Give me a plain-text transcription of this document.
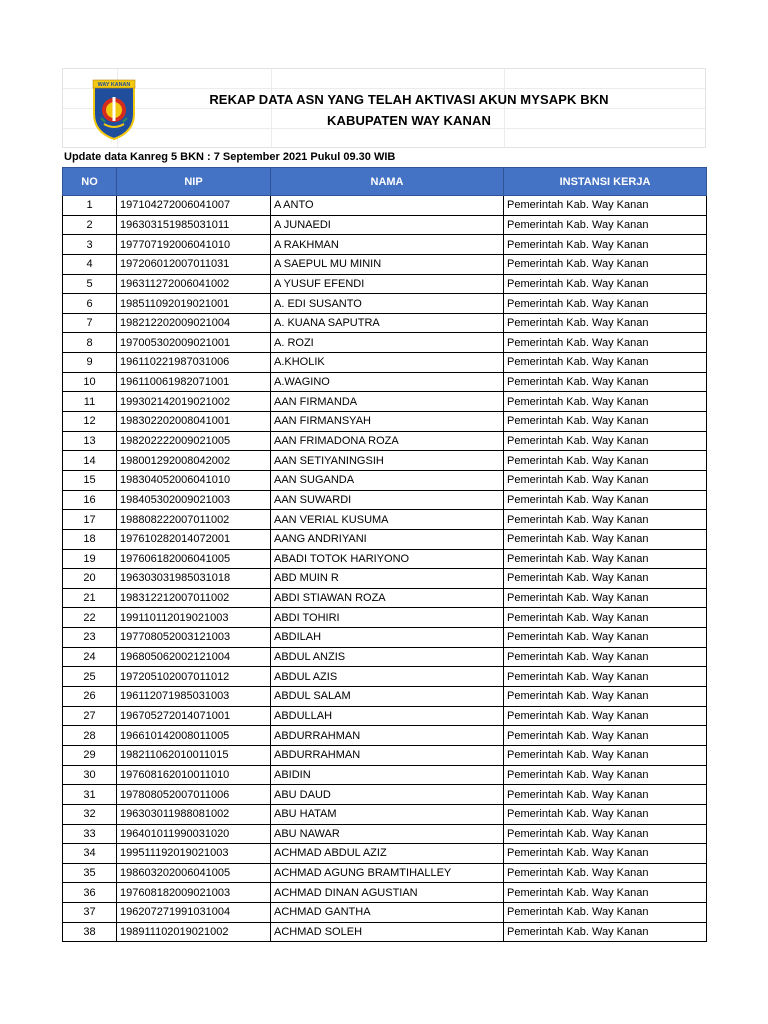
WAY KANAN
REKAP DATA ASN YANG TELAH AKTIVASI AKUN MYSAPK BKN
KABUPATEN WAY KANAN
Update data Kanreg 5 BKN : 7 September 2021 Pukul 09.30 WIB
NO	NIP	NAMA	INSTANSI KERJA
1	197104272006041007	A ANTO	Pemerintah Kab. Way Kanan
2	196303151985031011	A JUNAEDI	Pemerintah Kab. Way Kanan
3	197707192006041010	A RAKHMAN	Pemerintah Kab. Way Kanan
4	197206012007011031	A SAEPUL MU MININ	Pemerintah Kab. Way Kanan
5	196311272006041002	A YUSUF EFENDI	Pemerintah Kab. Way Kanan
6	198511092019021001	A. EDI SUSANTO	Pemerintah Kab. Way Kanan
7	198212202009021004	A. KUANA SAPUTRA	Pemerintah Kab. Way Kanan
8	197005302009021001	A. ROZI	Pemerintah Kab. Way Kanan
9	196110221987031006	A.KHOLIK	Pemerintah Kab. Way Kanan
10	196110061982071001	A.WAGINO	Pemerintah Kab. Way Kanan
11	199302142019021002	AAN FIRMANDA	Pemerintah Kab. Way Kanan
12	198302202008041001	AAN FIRMANSYAH	Pemerintah Kab. Way Kanan
13	198202222009021005	AAN FRIMADONA ROZA	Pemerintah Kab. Way Kanan
14	198001292008042002	AAN SETIYANINGSIH	Pemerintah Kab. Way Kanan
15	198304052006041010	AAN SUGANDA	Pemerintah Kab. Way Kanan
16	198405302009021003	AAN SUWARDI	Pemerintah Kab. Way Kanan
17	198808222007011002	AAN VERIAL KUSUMA	Pemerintah Kab. Way Kanan
18	197610282014072001	AANG ANDRIYANI	Pemerintah Kab. Way Kanan
19	197606182006041005	ABADI TOTOK HARIYONO	Pemerintah Kab. Way Kanan
20	196303031985031018	ABD MUIN R	Pemerintah Kab. Way Kanan
21	198312212007011002	ABDI STIAWAN ROZA	Pemerintah Kab. Way Kanan
22	199110112019021003	ABDI TOHIRI	Pemerintah Kab. Way Kanan
23	197708052003121003	ABDILAH	Pemerintah Kab. Way Kanan
24	196805062002121004	ABDUL ANZIS	Pemerintah Kab. Way Kanan
25	197205102007011012	ABDUL AZIS	Pemerintah Kab. Way Kanan
26	196112071985031003	ABDUL SALAM	Pemerintah Kab. Way Kanan
27	196705272014071001	ABDULLAH	Pemerintah Kab. Way Kanan
28	196610142008011005	ABDURRAHMAN	Pemerintah Kab. Way Kanan
29	198211062010011015	ABDURRAHMAN	Pemerintah Kab. Way Kanan
30	197608162010011010	ABIDIN	Pemerintah Kab. Way Kanan
31	197808052007011006	ABU DAUD	Pemerintah Kab. Way Kanan
32	196303011988081002	ABU HATAM	Pemerintah Kab. Way Kanan
33	196401011990031020	ABU NAWAR	Pemerintah Kab. Way Kanan
34	199511192019021003	ACHMAD ABDUL AZIZ	Pemerintah Kab. Way Kanan
35	198603202006041005	ACHMAD AGUNG BRAMTIHALLEY	Pemerintah Kab. Way Kanan
36	197608182009021003	ACHMAD DINAN AGUSTIAN	Pemerintah Kab. Way Kanan
37	196207271991031004	ACHMAD GANTHA	Pemerintah Kab. Way Kanan
38	198911102019021002	ACHMAD SOLEH	Pemerintah Kab. Way Kanan
